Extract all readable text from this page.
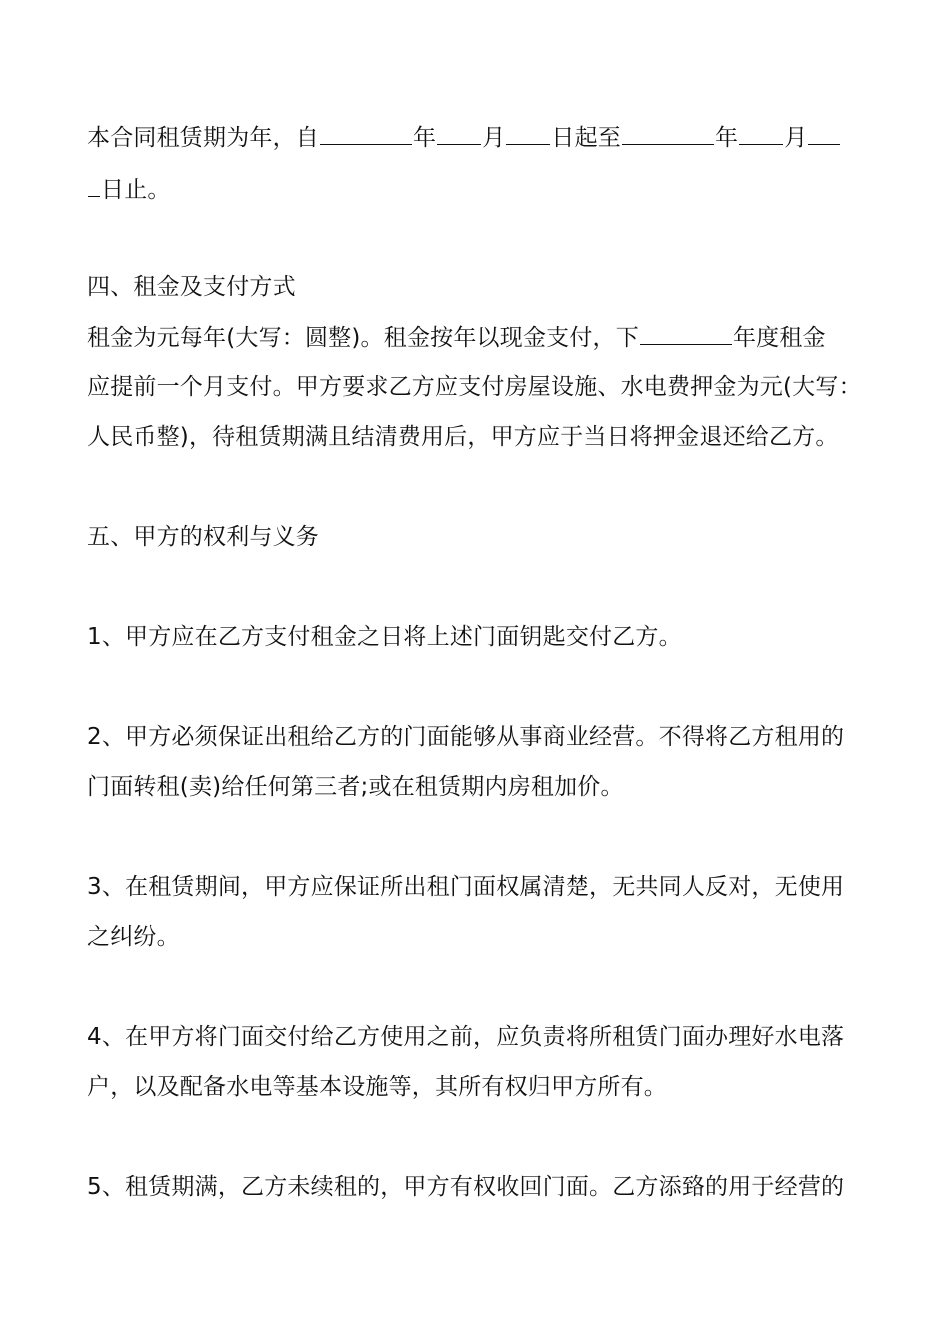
本合同租赁期为年，自	年 月 日起至	年 月
日止。
四、租金及支付方式
租金为元每年(大写：圆整)。租金按年以现金支付，下	年度租金
应提前一个月支付。甲方要求乙方应支付房屋设施、水电费押金为元(大写：
人民币整)，待租赁期满且结清费用后，甲方应于当日将押金退还给乙方。
五、甲方的权利与义务
1、甲方应在乙方支付租金之日将上述门面钥匙交付乙方。
2、甲方必须保证出租给乙方的门面能够从事商业经营。不得将乙方租用的
门面转租(卖)给任何第三者;或在租赁期内房租加价。
3、在租赁期间，甲方应保证所出租门面权属清楚，无共同人反对，无使用
之纠纷。
4、在甲方将门面交付给乙方使用之前，应负责将所租赁门面办理好水电落
户，以及配备水电等基本设施等，其所有权归甲方所有。
5、租赁期满，乙方未续租的，甲方有权收回门面。乙方添臵的用于经营的
